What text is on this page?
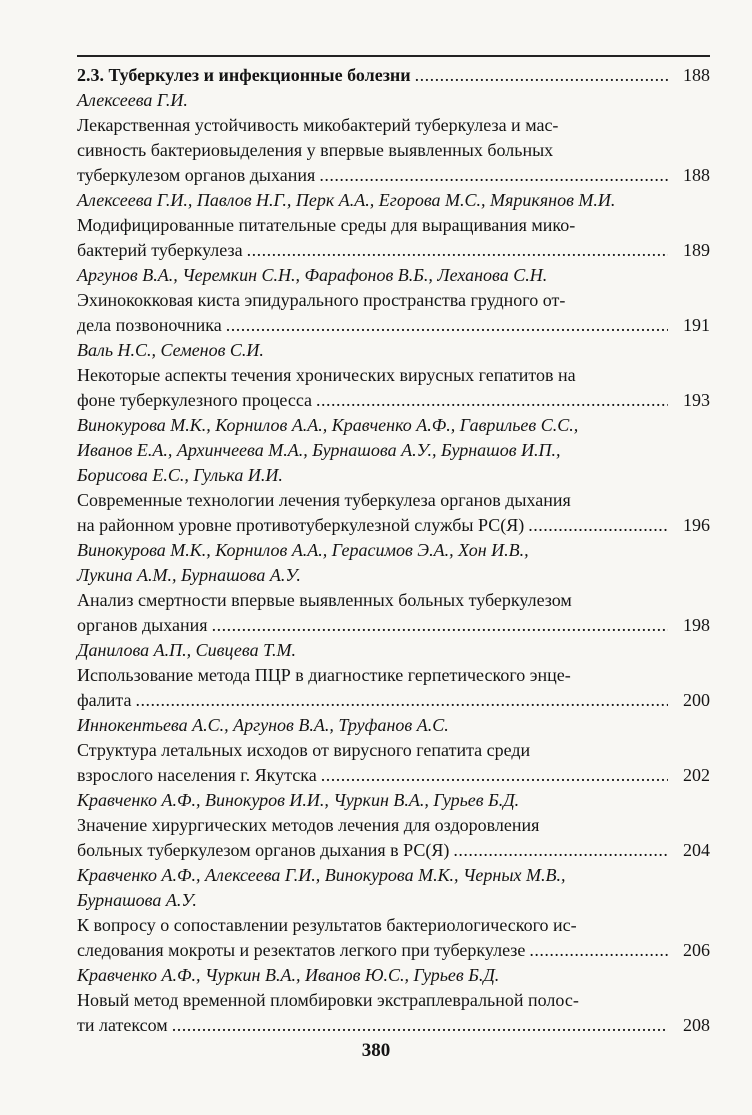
2.3. Туберкулез и инфекционные болезни .....	188
Алексеева Г.И.
Лекарственная устойчивость микобактерий туберкулеза и мас-
сивность бактериовыделения у впервые выявленных больных
туберкулезом органов дыхания .....	188
Алексеева Г.И., Павлов Н.Г., Перк А.А., Егорова М.С., Мярикянов М.И.
Модифицированные питательные среды для выращивания мико-
бактерий туберкулеза .....	189
Аргунов В.А., Черемкин С.Н., Фарафонов В.Б., Леханова С.Н.
Эхинококковая киста эпидурального пространства грудного от-
дела позвоночника .....	191
Валь Н.С., Семенов С.И.
Некоторые аспекты течения хронических вирусных гепатитов на
фоне туберкулезного процесса .....	193
Винокурова М.К., Корнилов А.А., Кравченко А.Ф., Гаврильев С.С.,
Иванов Е.А., Архинчеева М.А., Бурнашова А.У., Бурнашов И.П.,
Борисова Е.С., Гулька И.И.
Современные технологии лечения туберкулеза органов дыхания
на районном уровне противотуберкулезной службы РС(Я) .....	196
Винокурова М.К., Корнилов А.А., Герасимов Э.А., Хон И.В.,
Лукина А.М., Бурнашова А.У.
Анализ смертности впервые выявленных больных туберкулезом
органов дыхания .....	198
Данилова А.П., Сивцева Т.М.
Использование метода ПЦР в диагностике герпетического энце-
фалита .....	200
Иннокентьева А.С., Аргунов В.А., Труфанов А.С.
Структура летальных исходов от вирусного гепатита среди
взрослого населения г. Якутска .....	202
Кравченко А.Ф., Винокуров И.И., Чуркин В.А., Гурьев Б.Д.
Значение хирургических методов лечения для оздоровления
больных туберкулезом органов дыхания в РС(Я) .....	204
Кравченко А.Ф., Алексеева Г.И., Винокурова М.К., Черных М.В.,
Бурнашова А.У.
К вопросу о сопоставлении результатов бактериологического ис-
следования мокроты и резектатов легкого при туберкулезе .....	206
Кравченко А.Ф., Чуркин В.А., Иванов Ю.С., Гурьев Б.Д.
Новый метод временной пломбировки экстраплевральной полос-
ти латексом .....	208
380
